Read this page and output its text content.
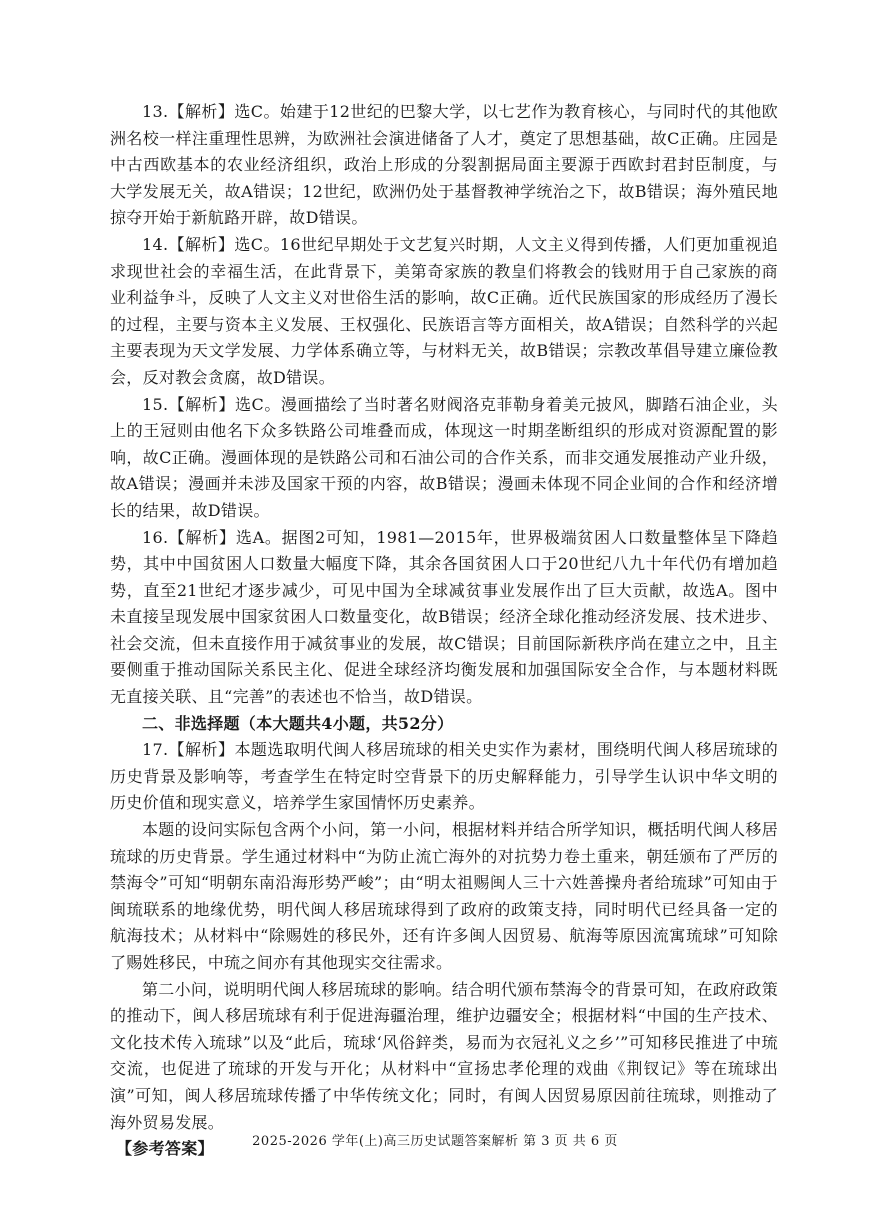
13.【解析】选C。始建于12世纪的巴黎大学，以七艺作为教育核心，与同时代的其他欧洲名校一样注重理性思辨，为欧洲社会演进储备了人才，奠定了思想基础，故C正确。庄园是中古西欧基本的农业经济组织，政治上形成的分裂割据局面主要源于西欧封君封臣制度，与大学发展无关，故A错误；12世纪，欧洲仍处于基督教神学统治之下，故B错误；海外殖民地掠夺开始于新航路开辟，故D错误。

14.【解析】选C。16世纪早期处于文艺复兴时期，人文主义得到传播，人们更加重视追求现世社会的幸福生活，在此背景下，美第奇家族的教皇们将教会的钱财用于自己家族的商业利益争斗，反映了人文主义对世俗生活的影响，故C正确。近代民族国家的形成经历了漫长的过程，主要与资本主义发展、王权强化、民族语言等方面相关，故A错误；自然科学的兴起主要表现为天文学发展、力学体系确立等，与材料无关，故B错误；宗教改革倡导建立廉俭教会，反对教会贪腐，故D错误。

15.【解析】选C。漫画描绘了当时著名财阀洛克菲勒身着美元披风，脚踏石油企业，头上的王冠则由他名下众多铁路公司堆叠而成，体现这一时期垄断组织的形成对资源配置的影响，故C正确。漫画体现的是铁路公司和石油公司的合作关系，而非交通发展推动产业升级，故A错误；漫画并未涉及国家干预的内容，故B错误；漫画未体现不同企业间的合作和经济增长的结果，故D错误。

16.【解析】选A。据图2可知，1981—2015年，世界极端贫困人口数量整体呈下降趋势，其中中国贫困人口数量大幅度下降，其余各国贫困人口于20世纪八九十年代仍有增加趋势，直至21世纪才逐步减少，可见中国为全球减贫事业发展作出了巨大贡献，故选A。图中未直接呈现发展中国家贫困人口数量变化，故B错误；经济全球化推动经济发展、技术进步、社会交流，但未直接作用于减贫事业的发展，故C错误；目前国际新秩序尚在建立之中，且主要侧重于推动国际关系民主化、促进全球经济均衡发展和加强国际安全合作，与本题材料既无直接关联、且“完善”的表述也不恰当，故D错误。

二、非选择题（本大题共4小题，共52分）

17.【解析】本题选取明代闽人移居琉球的相关史实作为素材，围绕明代闽人移居琉球的历史背景及影响等，考查学生在特定时空背景下的历史解释能力，引导学生认识中华文明的历史价值和现实意义，培养学生家国情怀历史素养。

本题的设问实际包含两个小问，第一小问，根据材料并结合所学知识，概括明代闽人移居琉球的历史背景。学生通过材料中“为防止流亡海外的对抗势力卷土重来，朝廷颁布了严厉的禁海令”可知“明朝东南沿海形势严峻”；由“明太祖赐闽人三十六姓善操舟者给琉球”可知由于闽琉联系的地缘优势，明代闽人移居琉球得到了政府的政策支持，同时明代已经具备一定的航海技术；从材料中“除赐姓的移民外，还有许多闽人因贸易、航海等原因流寓琉球”可知除了赐姓移民，中琉之间亦有其他现实交往需求。

第二小问，说明明代闽人移居琉球的影响。结合明代颁布禁海令的背景可知，在政府政策的推动下，闽人移居琉球有利于促进海疆治理，维护边疆安全；根据材料“中国的生产技术、文化技术传入琉球”以及“此后，琉球‘风俗鋅类，易而为衣冠礼义之乡’”可知移民推进了中琉交流，也促进了琉球的开发与开化；从材料中“宣扬忠孝伦理的戏曲《荆钗记》等在琉球出演”可知，闽人移居琉球传播了中华传统文化；同时，有闽人因贸易原因前往琉球，则推动了海外贸易发展。

【参考答案】	2025-2026 学年(上)高三历史试题答案解析 第 3 页 共 6 页
